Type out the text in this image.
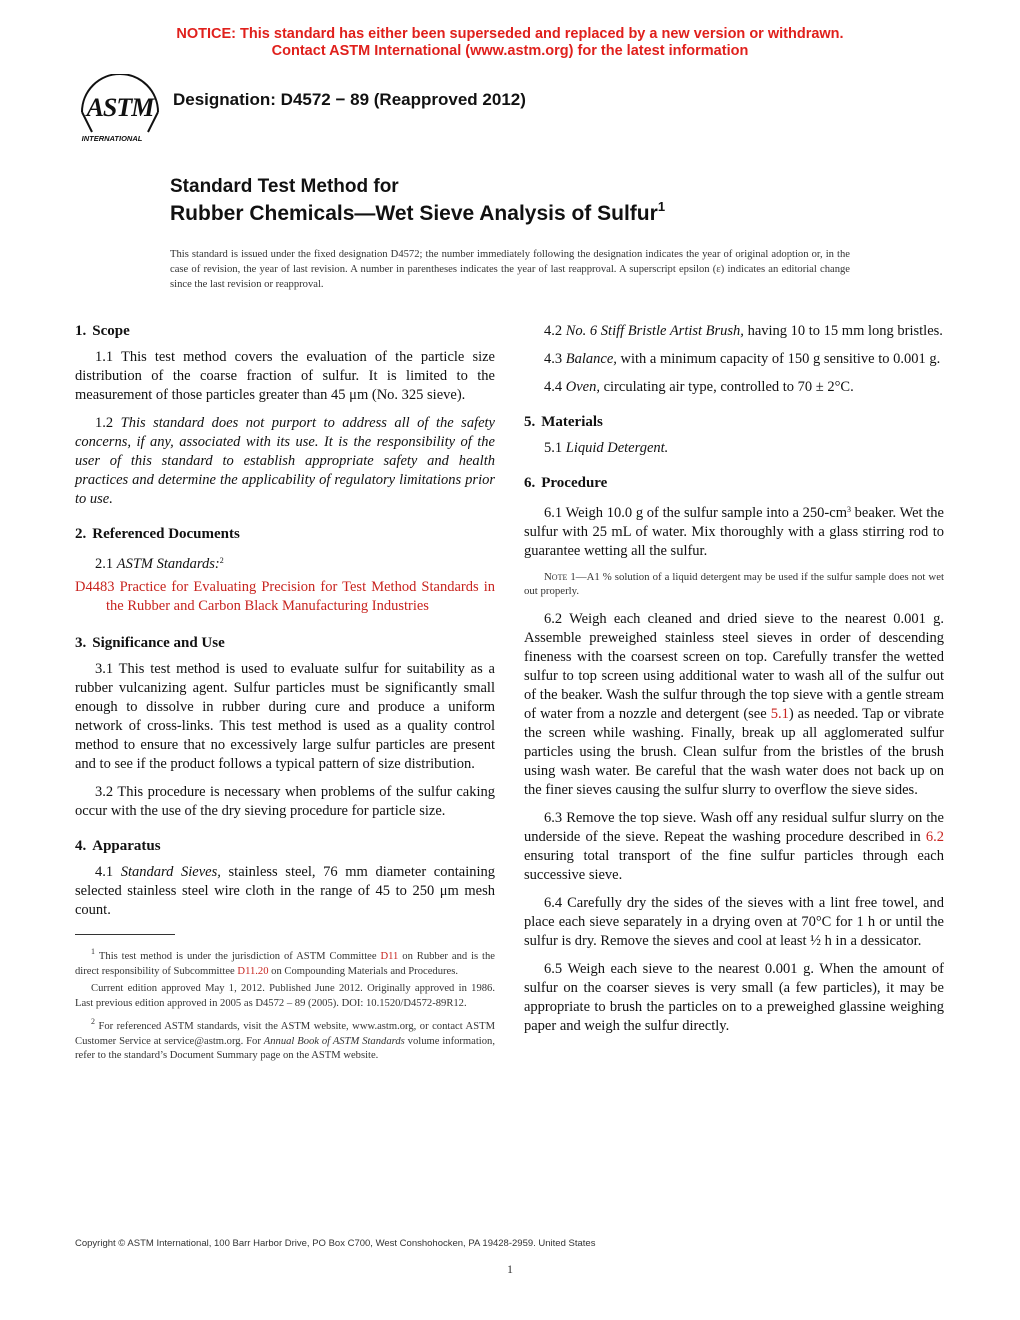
NOTICE: This standard has either been superseded and replaced by a new version or withdrawn.
Contact ASTM International (www.astm.org) for the latest information
ASTM
INTERNATIONAL
Designation: D4572 − 89 (Reapproved 2012)
Standard Test Method for
Rubber Chemicals—Wet Sieve Analysis of Sulfur$^1$
This standard is issued under the fixed designation D4572; the number immediately following the designation indicates the year of original adoption or, in the case of revision, the year of last revision. A number in parentheses indicates the year of last reapproval. A superscript epsilon (ε) indicates an editorial change since the last revision or reapproval.
1. Scope

1.1 This test method covers the evaluation of the particle size distribution of the coarse fraction of sulfur. It is limited to the measurement of those particles greater than 45 μm (No. 325 sieve).

1.2 This standard does not purport to address all of the safety concerns, if any, associated with its use. It is the responsibility of the user of this standard to establish appropriate safety and health practices and determine the applicability of regulatory limitations prior to use.

2. Referenced Documents

2.1 ASTM Standards:$^2$

D4483 Practice for Evaluating Precision for Test Method Standards in the Rubber and Carbon Black Manufacturing Industries
3. Significance and Use

3.1 This test method is used to evaluate sulfur for suitability as a rubber vulcanizing agent. Sulfur particles must be significantly small enough to dissolve in rubber during cure and produce a uniform network of cross-links. This test method is used as a quality control method to ensure that no excessively large sulfur particles are present and to see if the product follows a typical pattern of size distribution.

3.2 This procedure is necessary when problems of the sulfur caking occur with the use of the dry sieving procedure for particle size.

4. Apparatus

4.1 Standard Sieves, stainless steel, 76 mm diameter containing selected stainless steel wire cloth in the range of 45 to 250 μm mesh count.

$^1$ This test method is under the jurisdiction of ASTM Committee D11 on Rubber and is the direct responsibility of Subcommittee D11.20 on Compounding Materials and Procedures.
Current edition approved May 1, 2012. Published June 2012. Originally approved in 1986. Last previous edition approved in 2005 as D4572 – 89 (2005). DOI: 10.1520/D4572-89R12.
$^2$ For referenced ASTM standards, visit the ASTM website, www.astm.org, or contact ASTM Customer Service at service@astm.org. For Annual Book of ASTM Standards volume information, refer to the standard’s Document Summary page on the ASTM website.

4.2 No. 6 Stiff Bristle Artist Brush, having 10 to 15 mm long bristles.

4.3 Balance, with a minimum capacity of 150 g sensitive to 0.001 g.

4.4 Oven, circulating air type, controlled to 70 ± 2°C.

5. Materials

5.1 Liquid Detergent.

6. Procedure

6.1 Weigh 10.0 g of the sulfur sample into a $250-cm^3$ beaker. Wet the sulfur with 25 mL of water. Mix thoroughly with a glass stirring rod to guarantee wetting all the sulfur.

Note 1—A1 % solution of a liquid detergent may be used if the sulfur sample does not wet out properly.

6.2 Weigh each cleaned and dried sieve to the nearest 0.001 g. Assemble preweighed stainless steel sieves in order of descending fineness with the coarsest screen on top. Carefully transfer the wetted sulfur to top screen using additional water to wash all of the sulfur out of the beaker. Wash the sulfur through the top sieve with a gentle stream of water from a nozzle and detergent (see 5.1) as needed. Tap or vibrate the screen while washing. Finally, break up all agglomerated sulfur particles using the brush. Clean sulfur from the bristles of the brush using wash water. Be careful that the wash water does not back up on the finer sieves causing the sulfur slurry to overflow the sieve sides.

6.3 Remove the top sieve. Wash off any residual sulfur slurry on the underside of the sieve. Repeat the washing procedure described in 6.2 ensuring total transport of the fine sulfur particles through each successive sieve.

6.4 Carefully dry the sides of the sieves with a lint free towel, and place each sieve separately in a drying oven at 70°C for 1 h or until the sulfur is dry. Remove the sieves and cool at least ½ h in a dessicator.

6.5 Weigh each sieve to the nearest 0.001 g. When the amount of sulfur on the coarser sieves is very small (a few particles), it may be appropriate to brush the particles on to a preweighed glassine weighing paper and weigh the sulfur directly.

Copyright © ASTM International, 100 Barr Harbor Drive, PO Box C700, West Conshohocken, PA 19428-2959. United States
1
